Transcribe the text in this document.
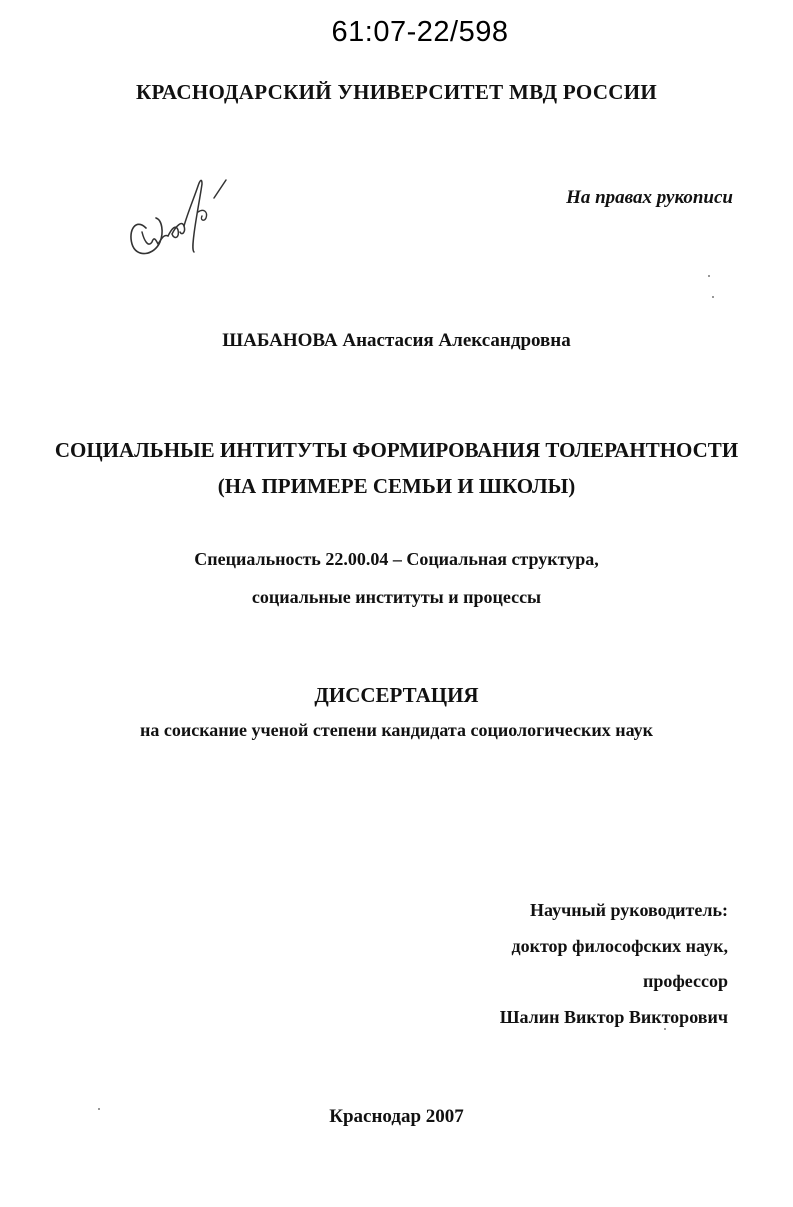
61:07-22/598
КРАСНОДАРСКИЙ УНИВЕРСИТЕТ МВД РОССИИ
На правах рукописи
ШАБАНОВА Анастасия Александровна
СОЦИАЛЬНЫЕ ИНТИТУТЫ ФОРМИРОВАНИЯ ТОЛЕРАНТНОСТИ
(НА ПРИМЕРЕ СЕМЬИ И ШКОЛЫ)
Специальность 22.00.04 – Социальная структура,
социальные институты и процессы
ДИССЕРТАЦИЯ
на соискание ученой степени кандидата социологических наук
Научный руководитель:
доктор философских наук,
профессор
Шалин Виктор Викторович
Краснодар 2007
